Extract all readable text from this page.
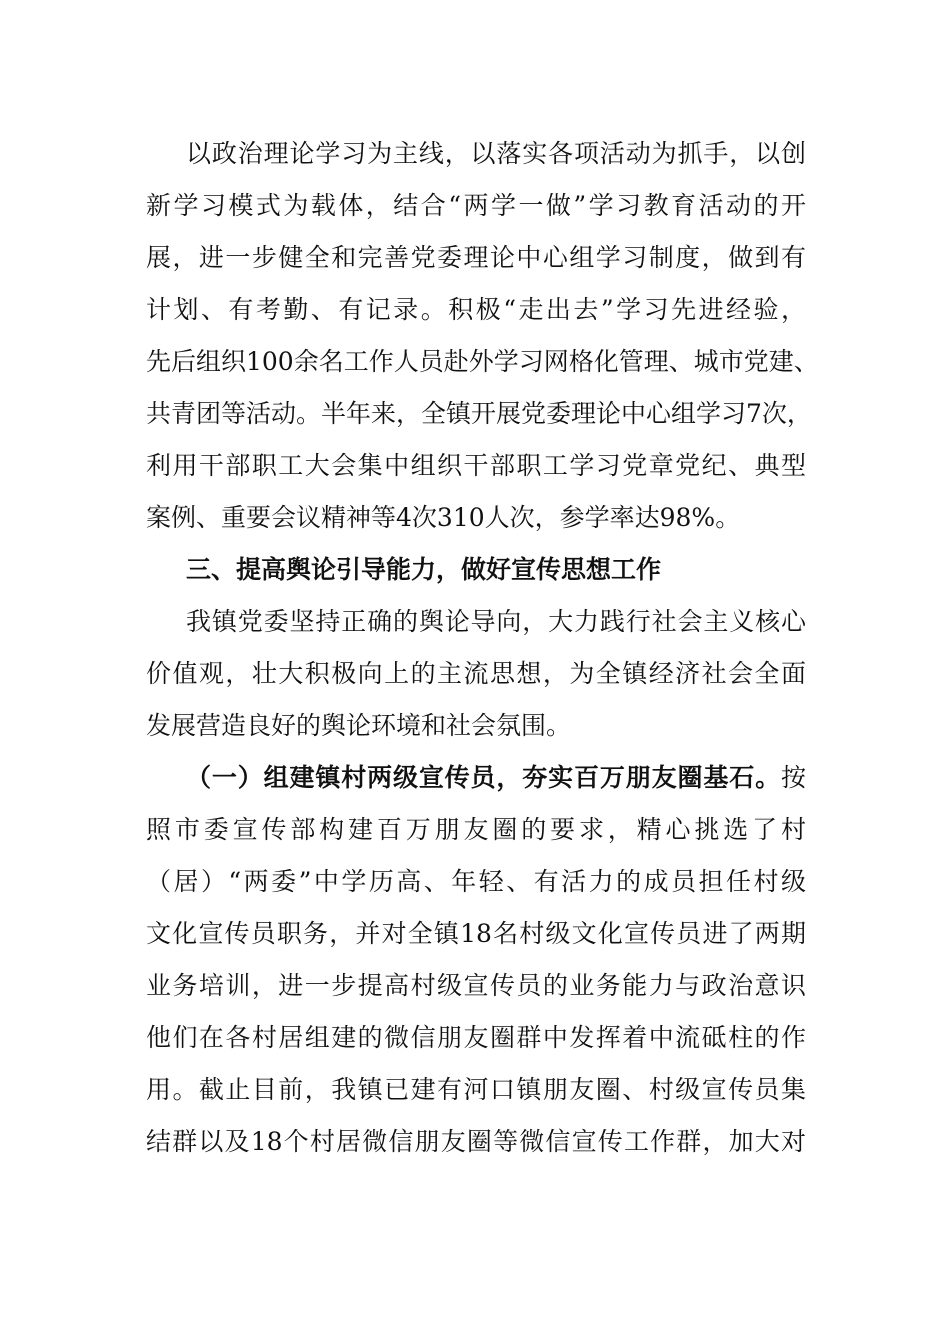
以政治理论学习为主线，以落实各项活动为抓手，以创
新学习模式为载体，结合“两学一做”学习教育活动的开
展，进一步健全和完善党委理论中心组学习制度，做到有
计划、有考勤、有记录。积极“走出去”学习先进经验，
先后组织100余名工作人员赴外学习网格化管理、城市党建、
共青团等活动。半年来，全镇开展党委理论中心组学习7次，
利用干部职工大会集中组织干部职工学习党章党纪、典型
案例、重要会议精神等4次310人次，参学率达98%。
三、提高舆论引导能力，做好宣传思想工作
我镇党委坚持正确的舆论导向，大力践行社会主义核心
价值观，壮大积极向上的主流思想，为全镇经济社会全面
发展营造良好的舆论环境和社会氛围。
（一）组建镇村两级宣传员，夯实百万朋友圈基石。按
照市委宣传部构建百万朋友圈的要求，精心挑选了村
（居）“两委”中学历高、年轻、有活力的成员担任村级
文化宣传员职务，并对全镇18名村级文化宣传员进了两期
业务培训，进一步提高村级宣传员的业务能力与政治意识
他们在各村居组建的微信朋友圈群中发挥着中流砥柱的作
用。截止目前，我镇已建有河口镇朋友圈、村级宣传员集
结群以及18个村居微信朋友圈等微信宣传工作群，加大对
